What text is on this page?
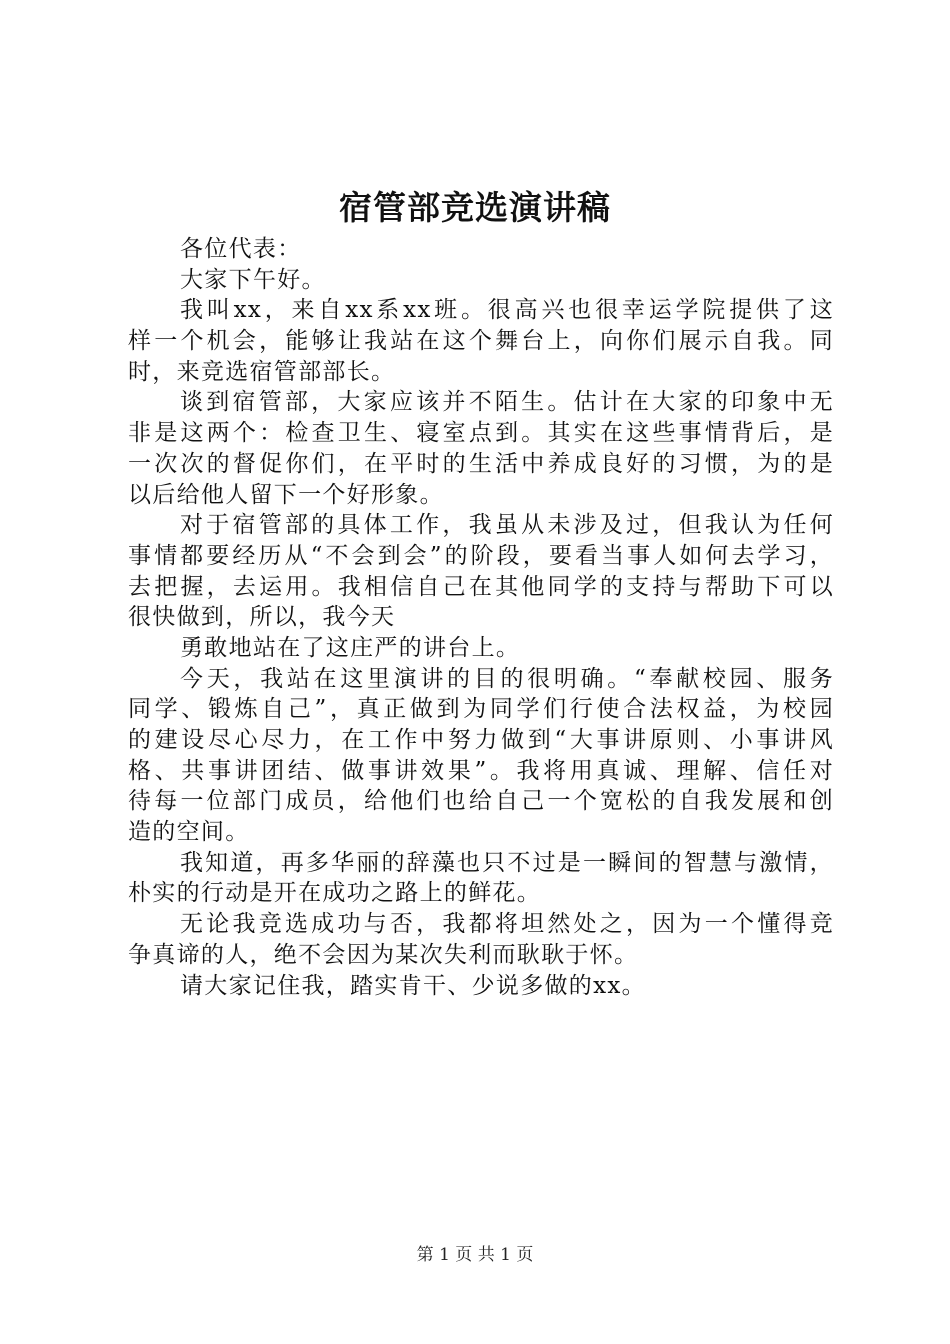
宿管部竞选演讲稿
各位代表：
大家下午好。
我叫xx，来自xx系xx班。很高兴也很幸运学院提供了这
样一个机会，能够让我站在这个舞台上，向你们展示自我。同
时，来竞选宿管部部长。
谈到宿管部，大家应该并不陌生。估计在大家的印象中无
非是这两个：检查卫生、寝室点到。其实在这些事情背后，是
一次次的督促你们，在平时的生活中养成良好的习惯，为的是
以后给他人留下一个好形象。
对于宿管部的具体工作，我虽从未涉及过，但我认为任何
事情都要经历从“不会到会”的阶段，要看当事人如何去学习，
去把握，去运用。我相信自己在其他同学的支持与帮助下可以
很快做到，所以，我今天
勇敢地站在了这庄严的讲台上。
今天，我站在这里演讲的目的很明确。“奉献校园、服务
同学、锻炼自己”，真正做到为同学们行使合法权益，为校园
的建设尽心尽力，在工作中努力做到“大事讲原则、小事讲风
格、共事讲团结、做事讲效果”。我将用真诚、理解、信任对
待每一位部门成员，给他们也给自己一个宽松的自我发展和创
造的空间。
我知道，再多华丽的辞藻也只不过是一瞬间的智慧与激情，
朴实的行动是开在成功之路上的鲜花。
无论我竞选成功与否，我都将坦然处之，因为一个懂得竞
争真谛的人，绝不会因为某次失利而耿耿于怀。
请大家记住我，踏实肯干、少说多做的xx。
第 1 页 共 1 页
